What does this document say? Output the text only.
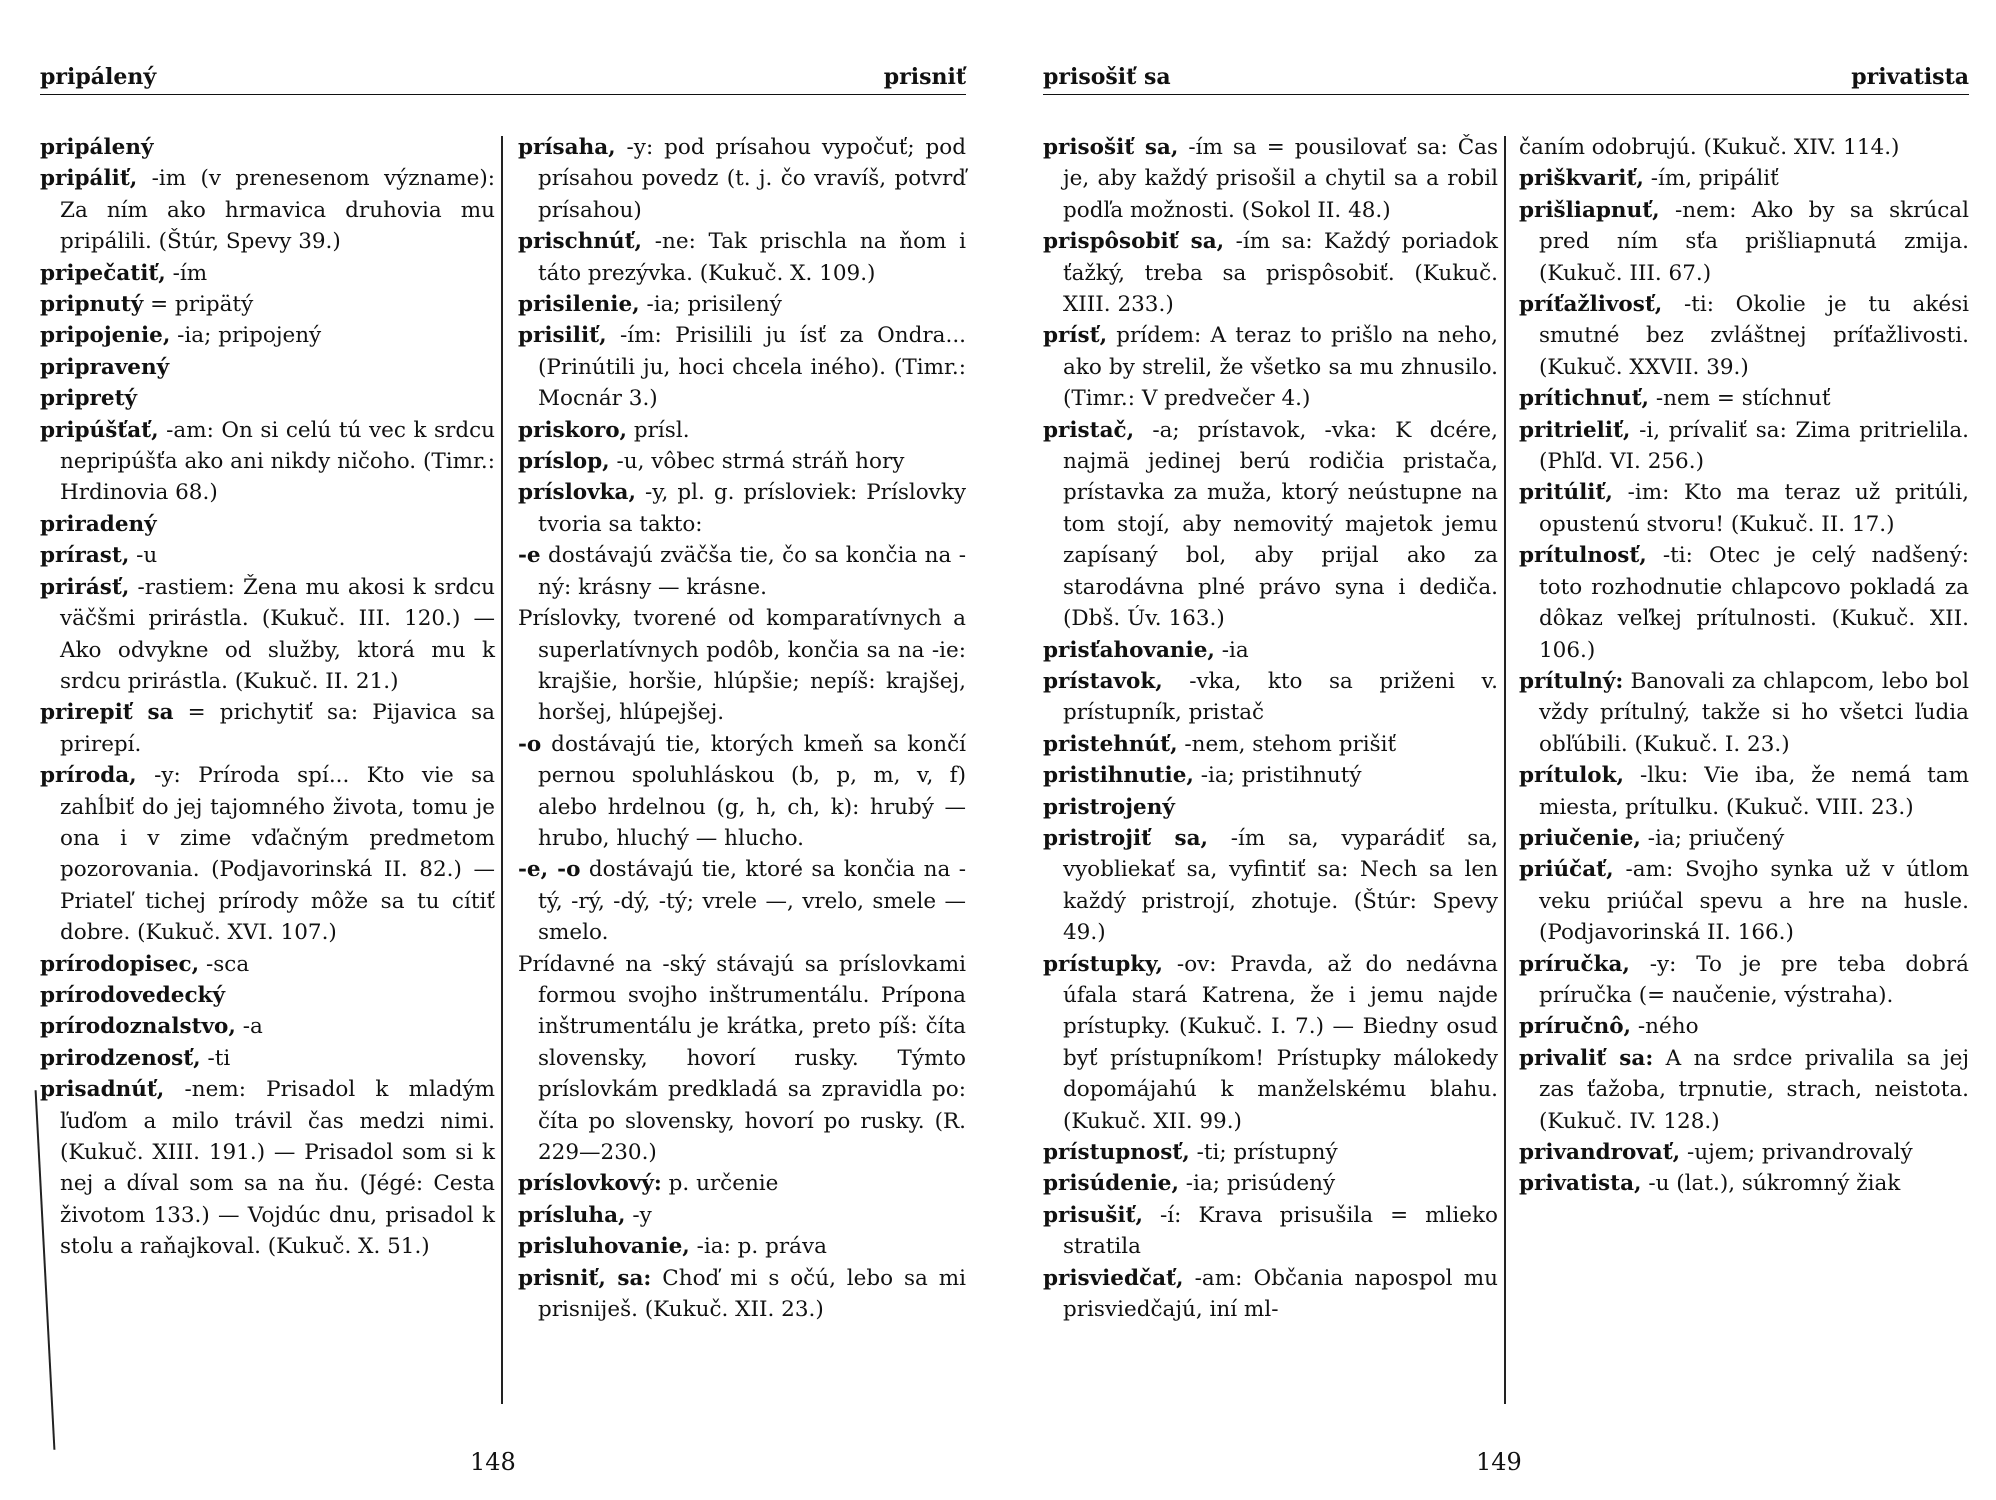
pripálený	prisniť

pripálený

pripáliť, -im (v prenesenom význame): Za ním ako hrmavica druhovia mu pripálili. (Štúr, Spevy 39.)

pripečatiť, -ím

pripnutý = pripätý

pripojenie, -ia; pripojený

pripravený

pripretý

pripúšťať, -am: On si celú tú vec k srdcu nepripúšťa ako ani nikdy ničoho. (Timr.: Hrdinovia 68.)

priradený

prírast, -u

prirásť, -rastiem: Žena mu akosi k srdcu väčšmi prirástla. (Kukuč. III. 120.) — Ako odvykne od služby, ktorá mu k srdcu prirástla. (Kukuč. II. 21.)

prirepiť sa = prichytiť sa: Pijavica sa prirepí.

príroda, -y: Príroda spí... Kto vie sa zahĺbiť do jej tajomného života, tomu je ona i v zime vďačným predmetom pozorovania. (Podjavorinská II. 82.) — Priateľ tichej prírody môže sa tu cítiť dobre. (Kukuč. XVI. 107.)

prírodopisec, -sca

prírodovedecký

prírodoznalstvo, -a

prirodzenosť, -ti

prisadnúť, -nem: Prisadol k mladým ľuďom a milo trávil čas medzi nimi. (Kukuč. XIII. 191.) — Prisadol som si k nej a díval som sa na ňu. (Jégé: Cesta životom 133.) — Vojdúc dnu, prisadol k stolu a raňajkoval. (Kukuč. X. 51.)

prísaha, -y: pod prísahou vypočuť; pod prísahou povedz (t. j. čo vravíš, potvrď prísahou)

prischnúť, -ne: Tak prischla na ňom i táto prezývka. (Kukuč. X. 109.)

prisilenie, -ia; prisilený

prisiliť, -ím: Prisilili ju ísť za Ondra... (Prinútili ju, hoci chcela iného). (Timr.: Mocnár 3.)

priskoro, prísl.

príslop, -u, vôbec strmá stráň hory

príslovka, -y, pl. g. prísloviek: Príslovky tvoria sa takto:

-e dostávajú zväčša tie, čo sa končia na -ný: krásny — krásne.

Príslovky, tvorené od komparatívnych a superlatívnych podôb, končia sa na -ie: krajšie, horšie, hlúpšie; nepíš: krajšej, horšej, hlúpejšej.

-o dostávajú tie, ktorých kmeň sa končí pernou spoluhláskou (b, p, m, v, f) alebo hrdelnou (g, h, ch, k): hrubý — hrubo, hluchý — hlucho.

-e, -o dostávajú tie, ktoré sa končia na -tý, -rý, -dý, -tý; vrele —, vrelo, smele — smelo.

Prídavné na -ský stávajú sa príslovkami formou svojho inštrumentálu. Prípona inštrumentálu je krátka, preto píš: číta slovensky, hovorí rusky. Týmto príslovkám predkladá sa zpravidla po: číta po slovensky, hovorí po rusky. (R. 229—230.)

príslovkový: p. určenie

prísluha, -y

prisluhovanie, -ia: p. práva

prisniť, sa: Choď mi s očú, lebo sa mi prisniješ. (Kukuč. XII. 23.)

148
prisošiť sa	privatista

prisošiť sa, -ím sa = pousilovať sa: Čas je, aby každý prisošil a chytil sa a robil podľa možnosti. (Sokol II. 48.)

prispôsobiť sa, -ím sa: Každý poriadok ťažký, treba sa prispôsobiť. (Kukuč. XIII. 233.)

prísť, prídem: A teraz to prišlo na neho, ako by strelil, že všetko sa mu zhnusilo. (Timr.: V predvečer 4.)

pristač, -a; prístavok, -vka: K dcére, najmä jedinej berú rodičia pristača, prístavka za muža, ktorý neústupne na tom stojí, aby nemovitý majetok jemu zapísaný bol, aby prijal ako za starodávna plné právo syna i dediča. (Dbš. Úv. 163.)

prisťahovanie, -ia

prístavok, -vka, kto sa priženi v. prístupník, pristač

pristehnúť, -nem, stehom prišiť

pristihnutie, -ia; pristihnutý

pristrojený

pristrojiť sa, -ím sa, vyparádiť sa, vyobliekať sa, vyfintiť sa: Nech sa len každý pristrojí, zhotuje. (Štúr: Spevy 49.)

prístupky, -ov: Pravda, až do nedávna úfala stará Katrena, že i jemu najde prístupky. (Kukuč. I. 7.) — Biedny osud byť prístupníkom! Prístupky málokedy dopomájahú k manželskému blahu. (Kukuč. XII. 99.)

prístupnosť, -ti; prístupný

prisúdenie, -ia; prisúdený

prisušiť, -í: Krava prisušila = mlieko stratila

prisviedčať, -am: Občania napospol mu prisviedčajú, iní ml-

čaním odobrujú. (Kukuč. XIV. 114.)

priškvariť, -ím, pripáliť

prišliapnuť, -nem: Ako by sa skrúcal pred ním sťa prišliapnutá zmija. (Kukuč. III. 67.)

príťažlivosť, -ti: Okolie je tu akési smutné bez zvláštnej príťažlivosti. (Kukuč. XXVII. 39.)

prítichnuť, -nem = stíchnuť

pritrieliť, -i, prívaliť sa: Zima pritrielila. (Phľd. VI. 256.)

pritúliť, -im: Kto ma teraz už pritúli, opustenú stvoru! (Kukuč. II. 17.)

prítulnosť, -ti: Otec je celý nadšený: toto rozhodnutie chlapcovo pokladá za dôkaz veľkej prítulnosti. (Kukuč. XII. 106.)

prítulný: Banovali za chlapcom, lebo bol vždy prítulný, takže si ho všetci ľudia obľúbili. (Kukuč. I. 23.)

prítulok, -lku: Vie iba, že nemá tam miesta, prítulku. (Kukuč. VIII. 23.)

priučenie, -ia; priučený

priúčať, -am: Svojho synka už v útlom veku priúčal spevu a hre na husle. (Podjavorinská II. 166.)

príručka, -y: To je pre teba dobrá príručka (= naučenie, výstraha).

príručnô, -ného

privaliť sa: A na srdce privalila sa jej zas ťažoba, trpnutie, strach, neistota. (Kukuč. IV. 128.)

privandrovať, -ujem; privandrovalý

privatista, -u (lat.), súkromný žiak

149
